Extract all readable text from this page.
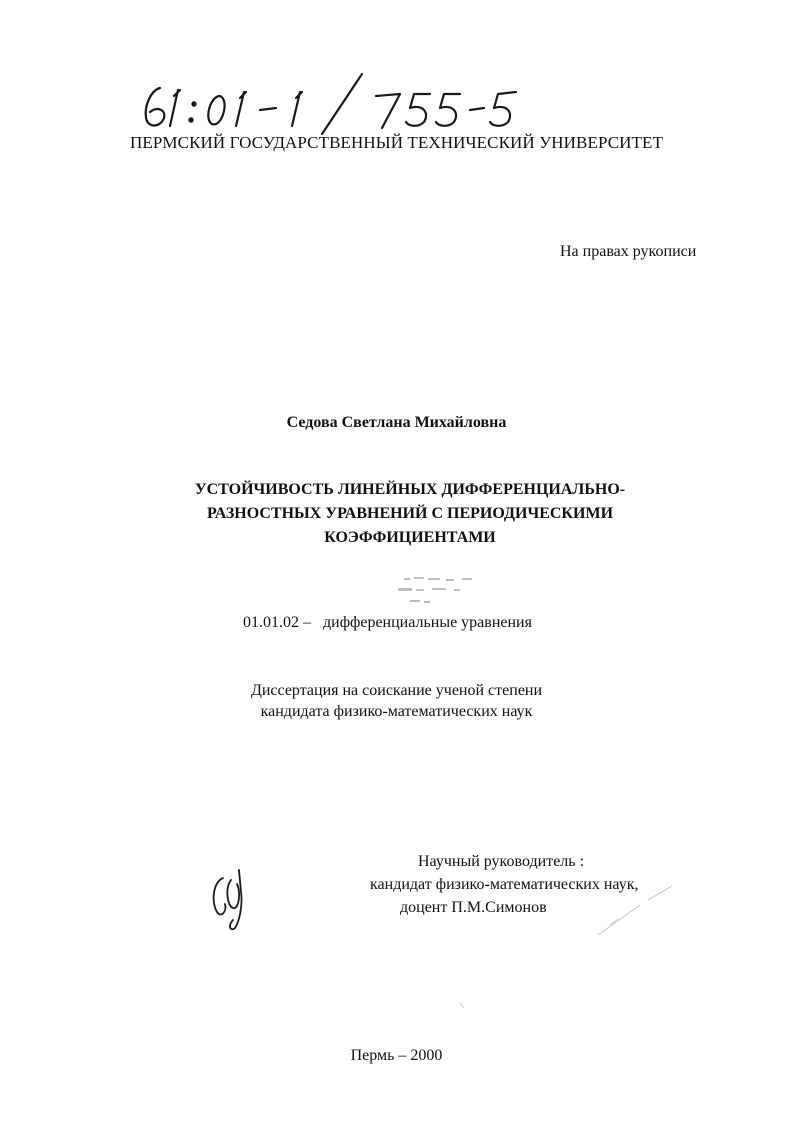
ПЕРМСКИЙ ГОСУДАРСТВЕННЫЙ ТЕХНИЧЕСКИЙ УНИВЕРСИТЕТ
На правах рукописи
Седова Светлана Михайловна
УСТОЙЧИВОСТЬ ЛИНЕЙНЫХ ДИФФЕРЕНЦИАЛЬНО-
РАЗНОСТНЫХ УРАВНЕНИЙ С ПЕРИОДИЧЕСКИМИ
КОЭФФИЦИЕНТАМИ
01.01.02 – дифференциальные уравнения
Диссертация на соискание ученой степени
кандидата физико-математических наук
Научный руководитель :
кандидат физико-математических наук,
доцент П.М.Симонов
Пермь – 2000
